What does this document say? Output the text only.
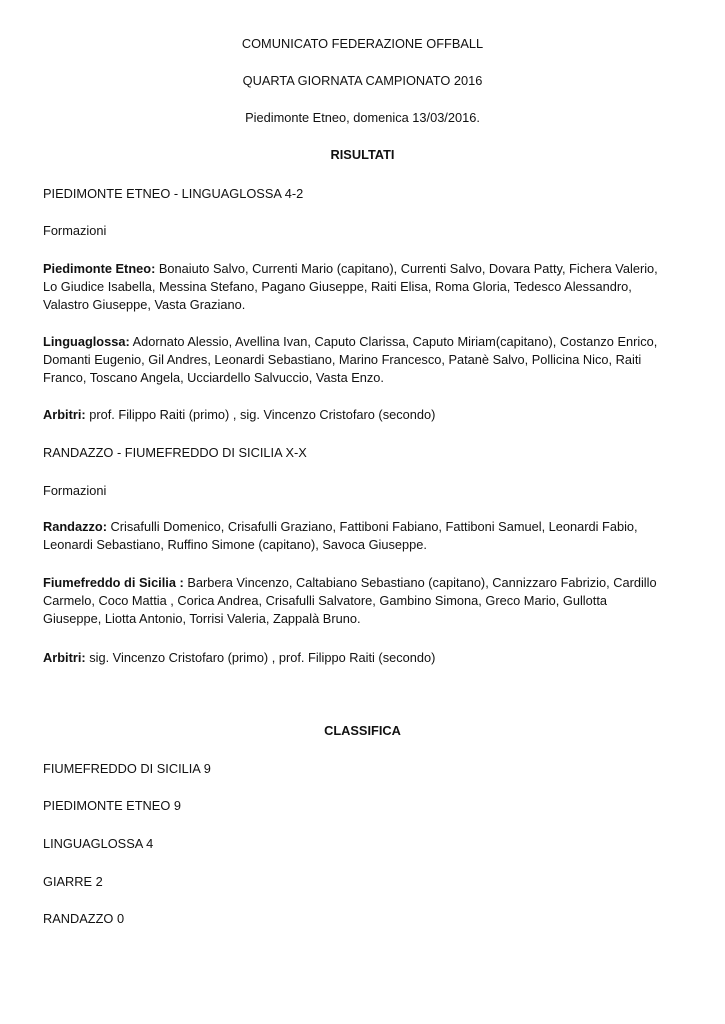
COMUNICATO FEDERAZIONE OFFBALL
QUARTA GIORNATA CAMPIONATO 2016
Piedimonte Etneo, domenica 13/03/2016.
RISULTATI
PIEDIMONTE ETNEO - LINGUAGLOSSA 4-2
Formazioni
Piedimonte Etneo: Bonaiuto Salvo, Currenti Mario (capitano), Currenti Salvo, Dovara Patty, Fichera Valerio,
Lo Giudice Isabella, Messina Stefano, Pagano Giuseppe, Raiti Elisa, Roma Gloria, Tedesco Alessandro,
Valastro Giuseppe, Vasta Graziano.
Linguaglossa: Adornato Alessio, Avellina Ivan, Caputo Clarissa, Caputo Miriam(capitano), Costanzo Enrico,
Domanti Eugenio, Gil Andres, Leonardi Sebastiano, Marino Francesco, Patanè Salvo, Pollicina Nico, Raiti
Franco, Toscano Angela, Ucciardello Salvuccio, Vasta Enzo.
Arbitri: prof. Filippo Raiti (primo) , sig. Vincenzo Cristofaro (secondo)
RANDAZZO - FIUMEFREDDO DI SICILIA X-X
Formazioni
Randazzo: Crisafulli Domenico, Crisafulli Graziano, Fattiboni Fabiano, Fattiboni Samuel, Leonardi Fabio,
Leonardi Sebastiano, Ruffino Simone (capitano), Savoca Giuseppe.
Fiumefreddo di Sicilia : Barbera Vincenzo, Caltabiano Sebastiano (capitano), Cannizzaro Fabrizio, Cardillo
Carmelo, Coco Mattia , Corica Andrea, Crisafulli Salvatore, Gambino Simona, Greco Mario, Gullotta
Giuseppe, Liotta Antonio, Torrisi Valeria, Zappalà Bruno.
Arbitri: sig. Vincenzo Cristofaro (primo) , prof. Filippo Raiti (secondo)
CLASSIFICA
FIUMEFREDDO DI SICILIA 9
PIEDIMONTE ETNEO 9
LINGUAGLOSSA 4
GIARRE 2
RANDAZZO 0
